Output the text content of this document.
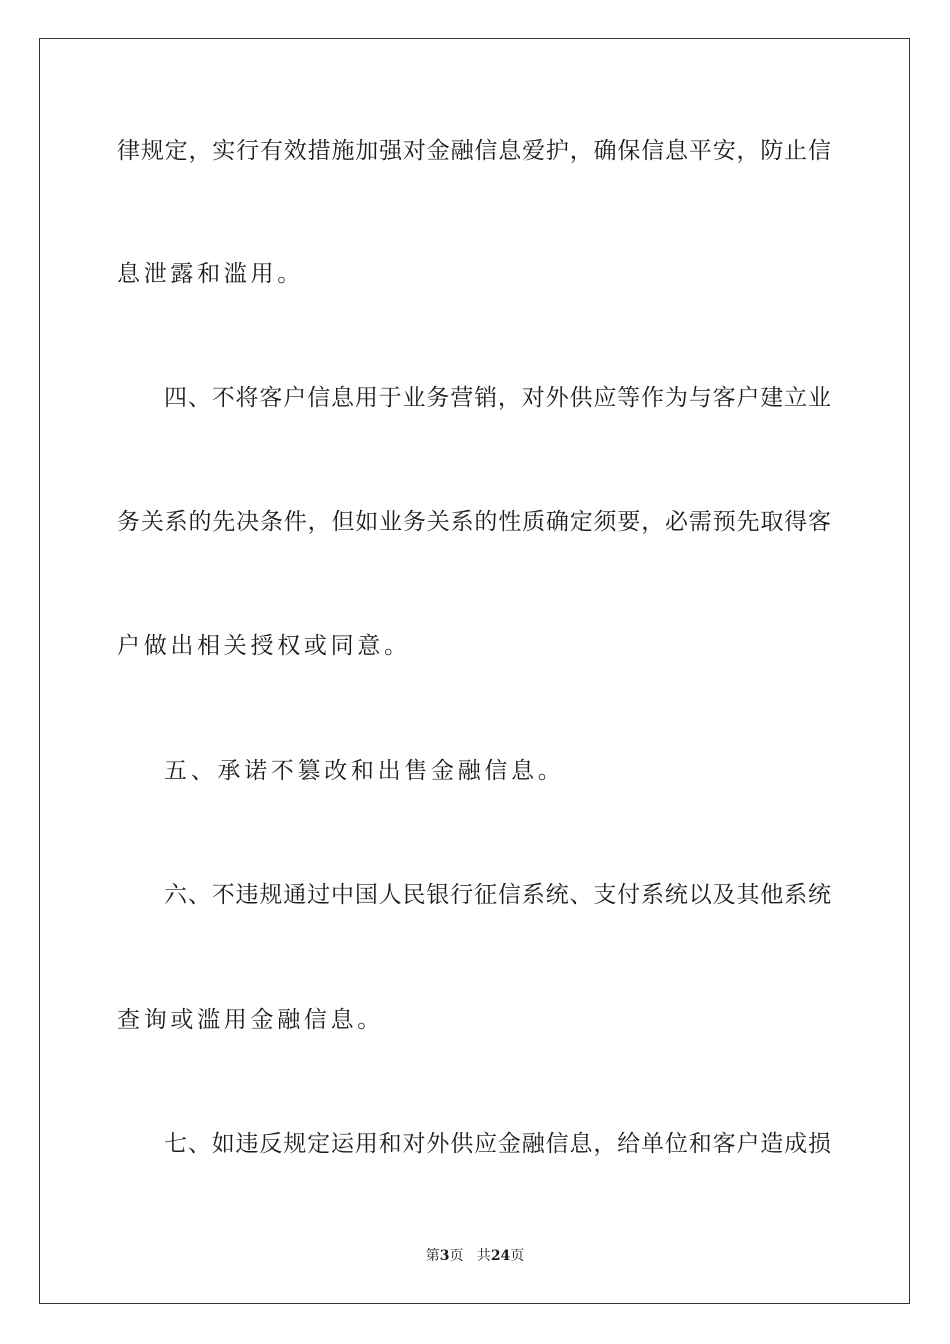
律规定，实行有效措施加强对金融信息爱护，确保信息平安，防止信
息泄露和滥用。
四、不将客户信息用于业务营销，对外供应等作为与客户建立业
务关系的先决条件，但如业务关系的性质确定须要，必需预先取得客
户做出相关授权或同意。
五、承诺不篡改和出售金融信息。
六、不违规通过中国人民银行征信系统、支付系统以及其他系统
查询或滥用金融信息。
七、如违反规定运用和对外供应金融信息，给单位和客户造成损
第3页 共24页
